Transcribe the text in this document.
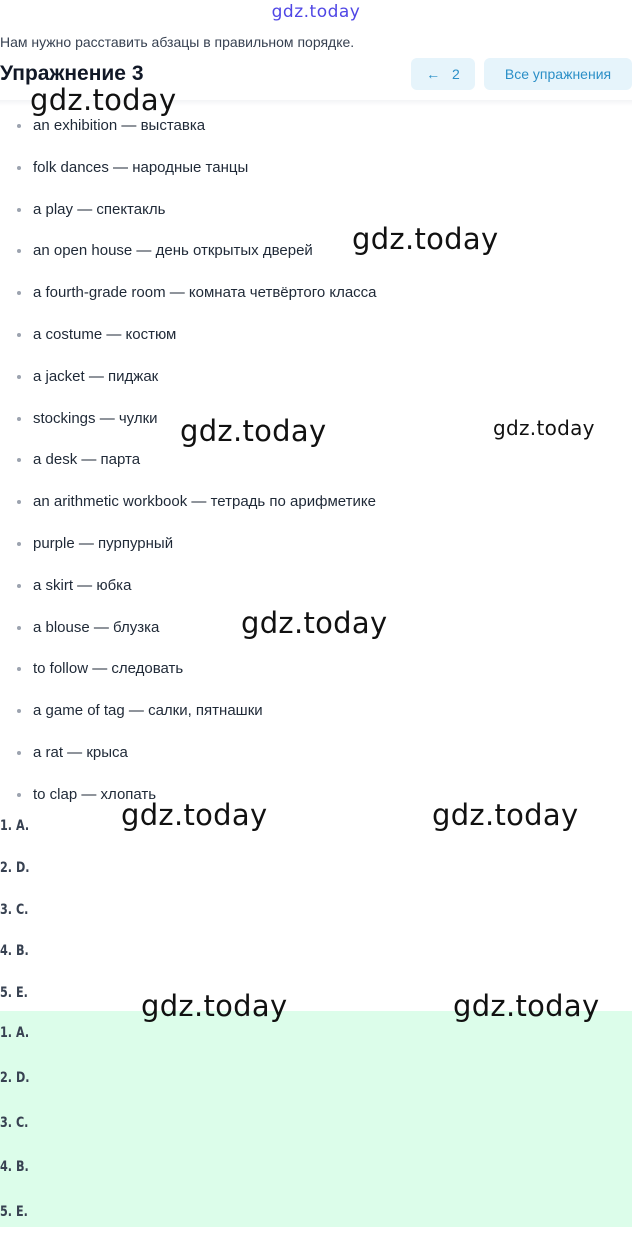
gdz.today
Нам нужно расставить абзацы в правильном порядке.
Упражнение 3	← 2	Все упражнения
an exhibition — выставка
folk dances — народные танцы
a play — спектакль
an open house — день открытых дверей
a fourth-grade room — комната четвёртого класса
a costume — костюм
a jacket — пиджак
stockings — чулки
a desk — парта
an arithmetic workbook — тетрадь по арифметике
purple — пурпурный
a skirt — юбка
a blouse — блузка
to follow — следовать
a game of tag — салки, пятнашки
a rat — крыса
to clap — хлопать
1. A.
2. D.
3. C.
4. B.
5. E.
1. A.
2. D.
3. C.
4. B.
5. E.
gdz.today
gdz.today
gdz.today	gdz.today
gdz.today
gdz.today	gdz.today
gdz.today	gdz.today
